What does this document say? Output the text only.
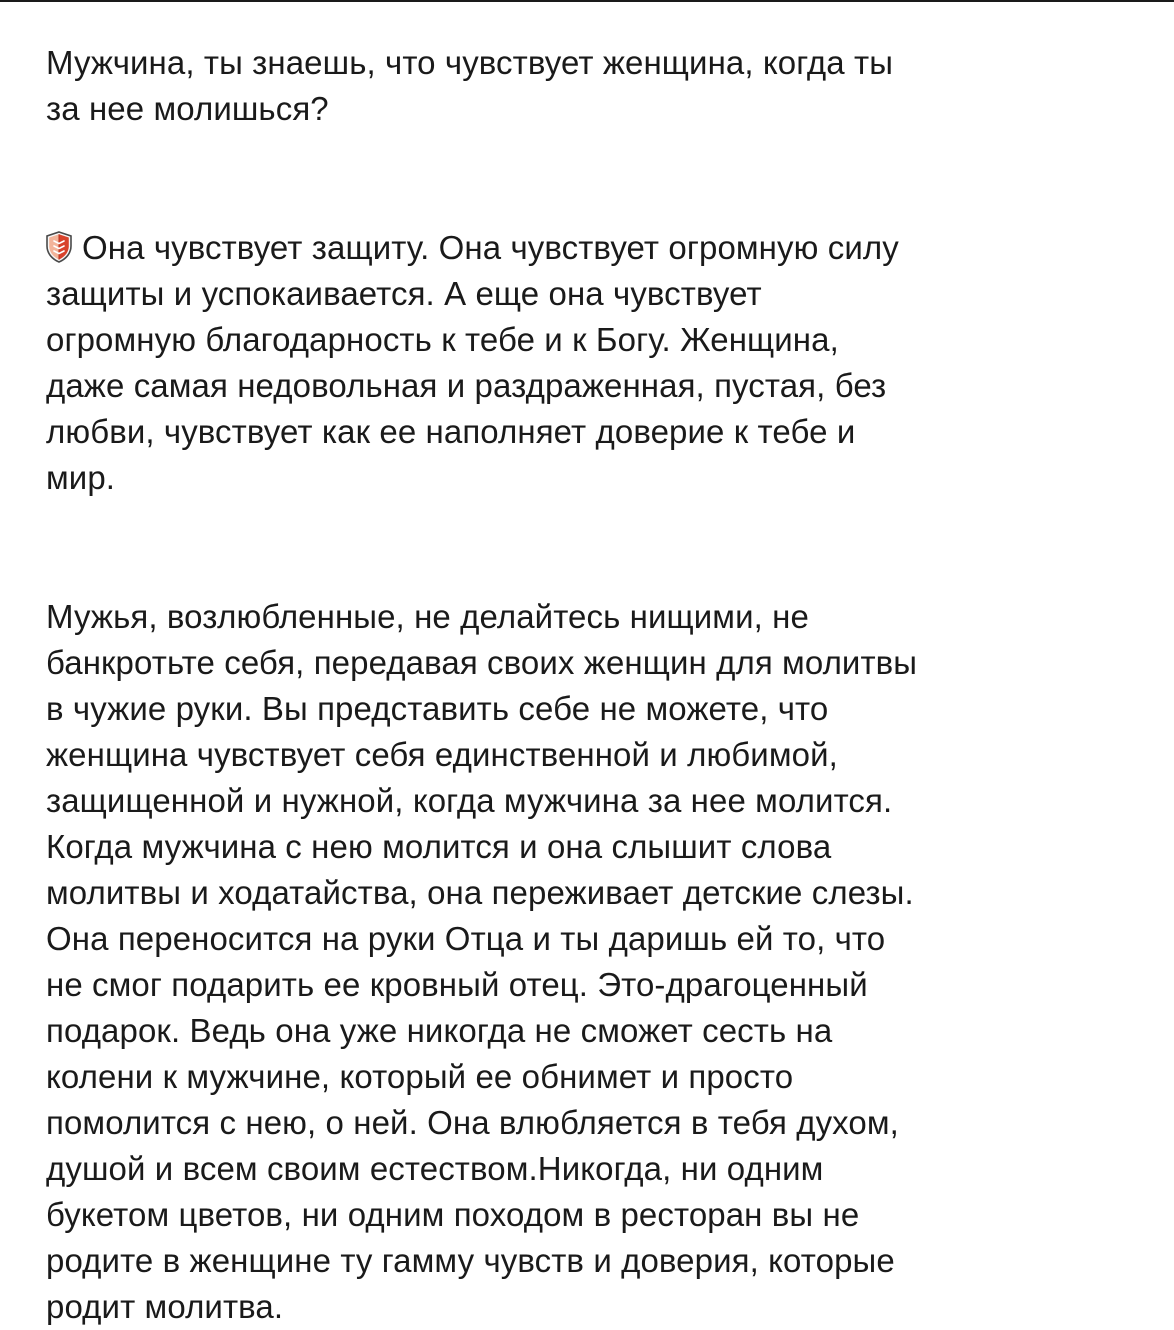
Мужчина, ты знаешь, что чувствует женщина, когда ты
за нее молишься?

Она чувствует защиту. Она чувствует огромную силу
защиты и успокаивается. А еще она чувствует
огромную благодарность к тебе и к Богу. Женщина,
даже самая недовольная и раздраженная, пустая, без
любви, чувствует как ее наполняет доверие к тебе и
мир.

Мужья, возлюбленные, не делайтесь нищими, не
банкротьте себя, передавая своих женщин для молитвы
в чужие руки. Вы представить себе не можете, что
женщина чувствует себя единственной и любимой,
защищенной и нужной, когда мужчина за нее молится.
Когда мужчина с нею молится и она слышит слова
молитвы и ходатайства, она переживает детские слезы.
Она переносится на руки Отца и ты даришь ей то, что
не смог подарить ее кровный отец. Это-драгоценный
подарок. Ведь она уже никогда не сможет сесть на
колени к мужчине, который ее обнимет и просто
помолится с нею, о ней. Она влюбляется в тебя духом,
душой и всем своим естеством.Никогда, ни одним
букетом цветов, ни одним походом в ресторан вы не
родите в женщине ту гамму чувств и доверия, которые
родит молитва.
